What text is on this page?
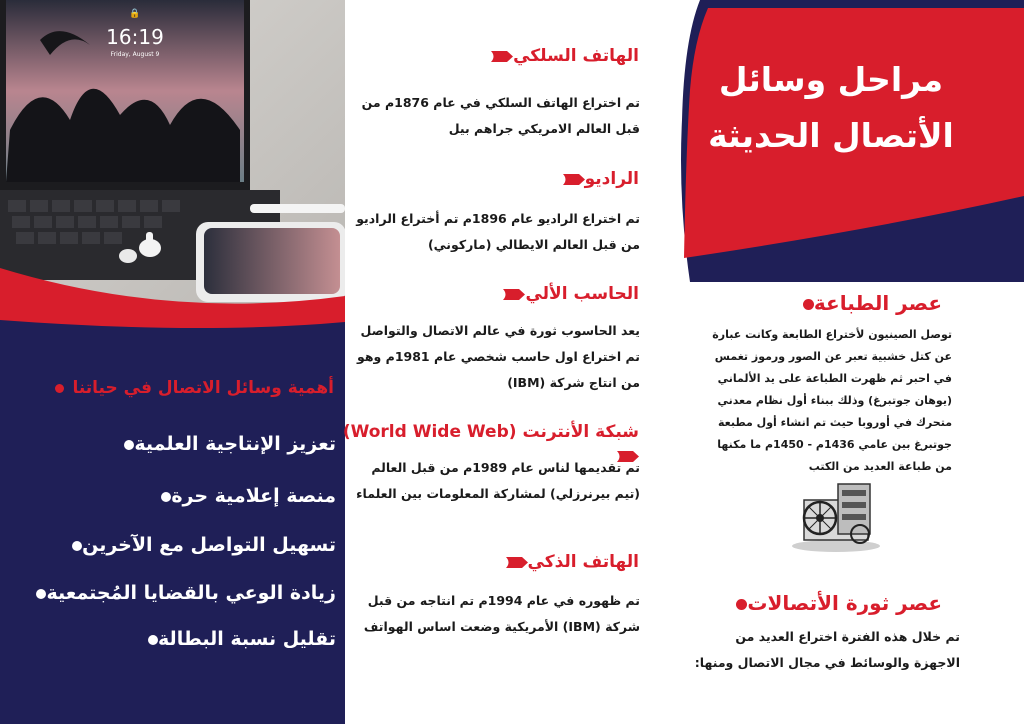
16:19
Friday, August 9
🔒
أهمية وسائل الاتصال في حياتنا
تعزيز الإنتاجية العلمية
منصة إعلامية حرة
تسهيل التواصل مع الآخرين
زيادة الوعي بالقضايا المُجتمعية
تقليل نسبة البطالة
الهاتف السلكي
تم اختراع الهاتف السلكي في عام 1876م من قبل العالم الامريكي جراهم بيل
الراديو
تم اختراع الراديو عام 1896م تم أختراع الراديو من قبل العالم الايطالي (ماركوني)
الحاسب الألي
يعد الحاسوب ثورة في عالم الاتصال والتواصل تم اختراع اول حاسب شخصي عام 1981م وهو من انتاج شركة (IBM)
شبكة الأنترنت (World Wide Web)
تم تقديمها لناس عام 1989م من قبل العالم (تيم بيرنرزلي) لمشاركة المعلومات بين العلماء
الهاتف الذكي
تم ظهوره في عام 1994م تم انتاجه من قبل شركة (IBM) الأمريكية وضعت اساس الهواتف
مراحل وسائل الأتصال الحديثة
عصر الطباعة
توصل الصينيون لأختراع الطابعة وكانت عبارة عن كتل خشبية تعبر عن الصور ورموز تغمس في احبر ثم ظهرت الطباعة على يد الألماني (يوهان جوتبرغ) وذلك ببناء أول نظام معدني متحرك في أوروبا حيث تم انشاء أول مطبعة جوتبرغ بين عامي 1436م - 1450م ما مكنها من طباعة العديد من الكتب
عصر ثورة الأتصالات
تم خلال هذه الفترة اختراع العديد من الاجهزة والوسائط في مجال الاتصال ومنها:
